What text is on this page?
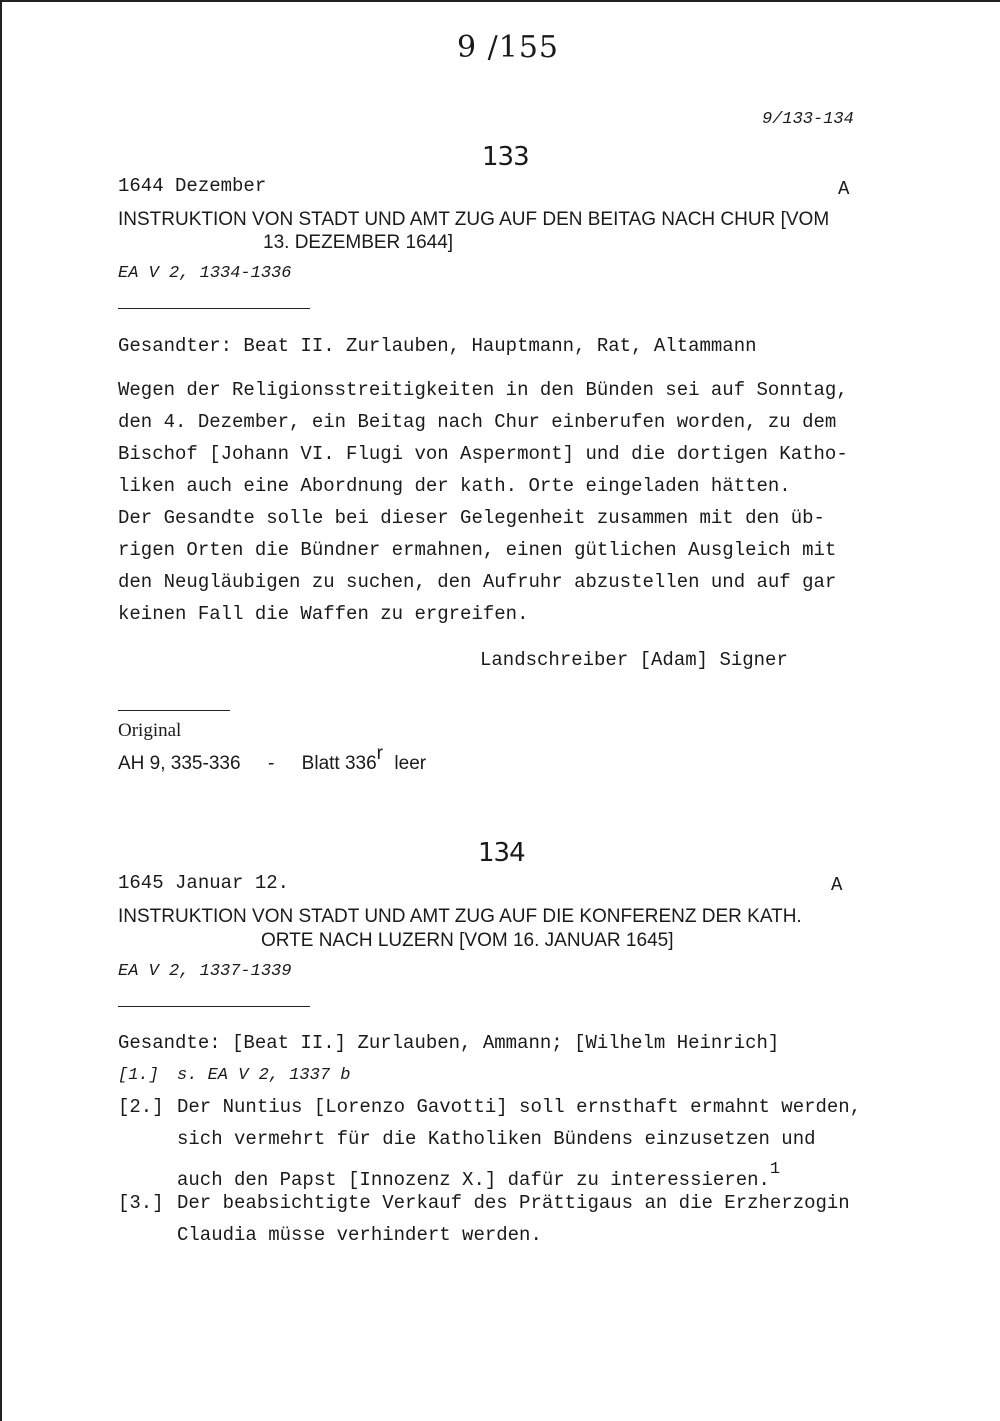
9 /155
9/133-134
133
1644 Dezember	A
INSTRUKTION VON STADT UND AMT ZUG AUF DEN BEITAG NACH CHUR [VOM
13. DEZEMBER 1644]
EA V 2, 1334-1336
Gesandter: Beat II. Zurlauben, Hauptmann, Rat, Altammann
Wegen der Religionsstreitigkeiten in den Bünden sei auf Sonntag,
den 4. Dezember, ein Beitag nach Chur einberufen worden, zu dem
Bischof [Johann VI. Flugi von Aspermont] und die dortigen Katho-
liken auch eine Abordnung der kath. Orte eingeladen hätten.
Der Gesandte solle bei dieser Gelegenheit zusammen mit den üb-
rigen Orten die Bündner ermahnen, einen gütlichen Ausgleich mit
den Neugläubigen zu suchen, den Aufruhr abzustellen und auf gar
keinen Fall die Waffen zu ergreifen.
Landschreiber [Adam] Signer
Original
AH 9, 335-336 - Blatt 336$^r$ leer
134
1645 Januar 12.	A
INSTRUKTION VON STADT UND AMT ZUG AUF DIE KONFERENZ DER KATH.
ORTE NACH LUZERN [VOM 16. JANUAR 1645]
EA V 2, 1337-1339
Gesandte: [Beat II.] Zurlauben, Ammann; [Wilhelm Heinrich]
[1.] s. EA V 2, 1337 b
[2.] Der Nuntius [Lorenzo Gavotti] soll ernsthaft ermahnt werden,
sich vermehrt für die Katholiken Bündens einzusetzen und
auch den Papst [Innozenz X.] dafür zu interessieren.$^1$
[3.] Der beabsichtigte Verkauf des Prättigaus an die Erzherzogin
Claudia müsse verhindert werden.
